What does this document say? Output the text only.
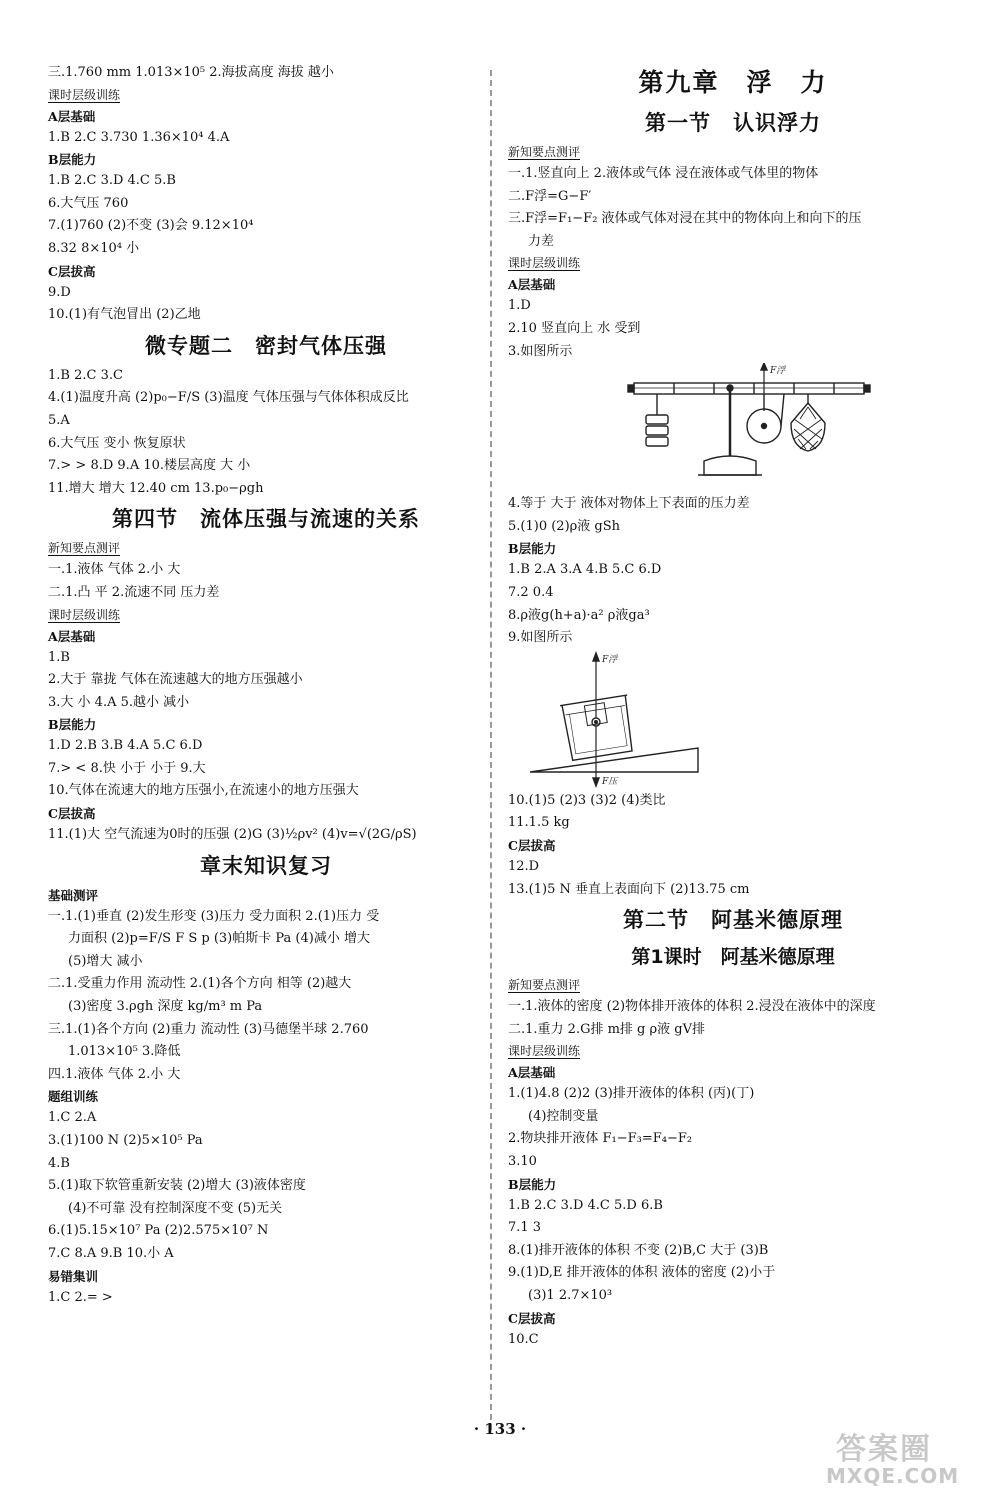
三.1.760 mm 1.013×10⁵ 2.海拔高度 海拔 越小
课时层级训练
A层基础
1.B 2.C 3.730 1.36×10⁴ 4.A
B层能力
1.B 2.C 3.D 4.C 5.B
6.大气压 760
7.(1)760 (2)不变 (3)会 9.12×10⁴
8.32 8×10⁴ 小
C层拔高
9.D
10.(1)有气泡冒出 (2)乙地
微专题二　密封气体压强
1.B 2.C 3.C
4.(1)温度升高 (2)p₀−F/S (3)温度 气体压强与气体体积成反比
5.A
6.大气压 变小 恢复原状
7.> > 8.D 9.A 10.楼层高度 大 小
11.增大 增大 12.40 cm 13.p₀−ρgh
第四节　流体压强与流速的关系
新知要点测评
一.1.液体 气体 2.小 大
二.1.凸 平 2.流速不同 压力差
课时层级训练
A层基础
1.B
2.大于 靠拢 气体在流速越大的地方压强越小
3.大 小 4.A 5.越小 减小
B层能力
1.D 2.B 3.B 4.A 5.C 6.D
7.> < 8.快 小于 小于 9.大
10.气体在流速大的地方压强小,在流速小的地方压强大
C层拔高
11.(1)大 空气流速为0时的压强 (2)G (3)½ρv² (4)v=√(2G/ρS)
章末知识复习
基础测评
一.1.(1)垂直 (2)发生形变 (3)压力 受力面积 2.(1)压力 受
力面积 (2)p=F/S F S p (3)帕斯卡 Pa (4)减小 增大
(5)增大 减小
二.1.受重力作用 流动性 2.(1)各个方向 相等 (2)越大
(3)密度 3.ρgh 深度 kg/m³ m Pa
三.1.(1)各个方向 (2)重力 流动性 (3)马德堡半球 2.760
1.013×10⁵ 3.降低
四.1.液体 气体 2.小 大
题组训练
1.C 2.A
3.(1)100 N (2)5×10⁵ Pa
4.B
5.(1)取下软管重新安装 (2)增大 (3)液体密度
(4)不可靠 没有控制深度不变 (5)无关
6.(1)5.15×10⁷ Pa (2)2.575×10⁷ N
7.C 8.A 9.B 10.小 A
易错集训
1.C 2.= >
第九章　浮　力
第一节　认识浮力
新知要点测评
一.1.竖直向上 2.液体或气体 浸在液体或气体里的物体
二.F浮=G−F′
三.F浮=F₁−F₂ 液体或气体对浸在其中的物体向上和向下的压
力差
课时层级训练
A层基础
1.D
2.10 竖直向上 水 受到
3.如图所示
F浮
4.等于 大于 液体对物体上下表面的压力差
5.(1)0 (2)ρ液 gSh
B层能力
1.B 2.A 3.A 4.B 5.C 6.D
7.2 0.4
8.ρ液g(h+a)·a² ρ液ga³
9.如图所示
F浮
F压
10.(1)5 (2)3 (3)2 (4)类比
11.1.5 kg
C层拔高
12.D
13.(1)5 N 垂直上表面向下 (2)13.75 cm
第二节　阿基米德原理
第1课时　阿基米德原理
新知要点测评
一.1.液体的密度 (2)物体排开液体的体积 2.浸没在液体中的深度
二.1.重力 2.G排 m排 g ρ液 gV排
课时层级训练
A层基础
1.(1)4.8 (2)2 (3)排开液体的体积 (丙)(丁)
(4)控制变量
2.物块排开液体 F₁−F₃=F₄−F₂
3.10
B层能力
1.B 2.C 3.D 4.C 5.D 6.B
7.1 3
8.(1)排开液体的体积 不变 (2)B,C 大于 (3)B
9.(1)D,E 排开液体的体积 液体的密度 (2)小于
(3)1 2.7×10³
C层拔高
10.C
· 133 ·
答案圈
MXQE.COM
